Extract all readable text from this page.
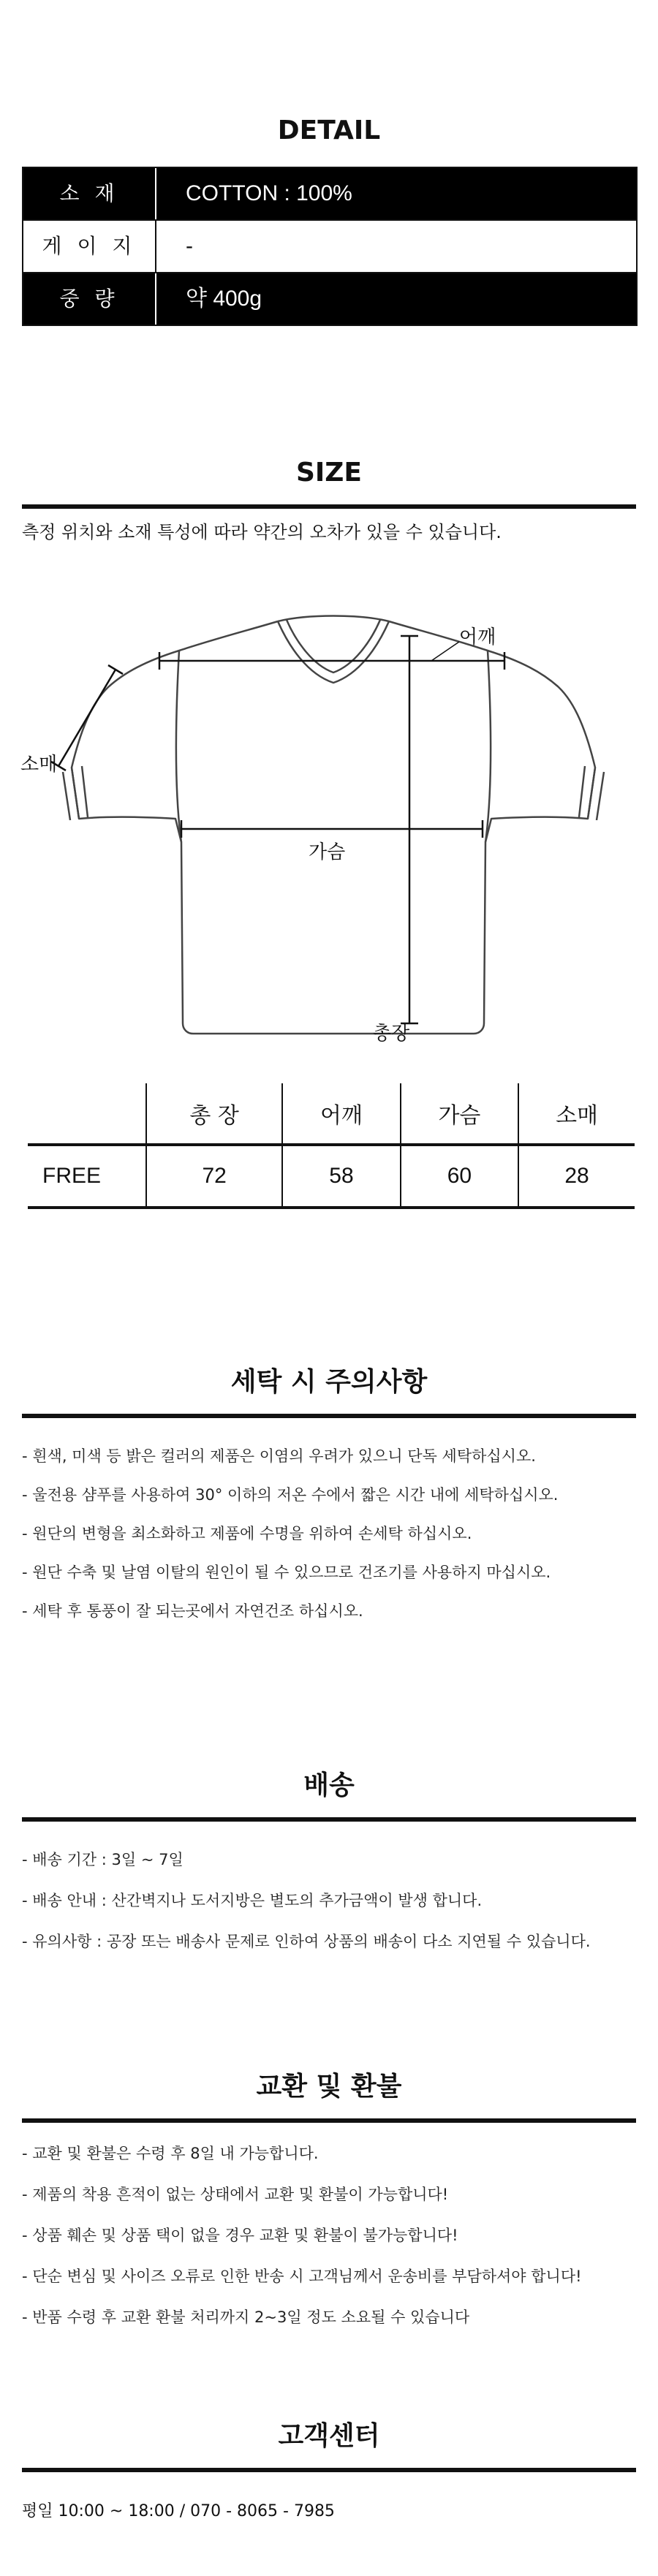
DETAIL
소 재	COTTON : 100%
게 이 지	-
중 량	약 400g
SIZE
측정 위치와 소재 특성에 따라 약간의 오차가 있을 수 있습니다.
어깨
소매
가슴
총장
	총 장	어깨	가슴	소매
FREE	72	58	60	28
세탁 시 주의사항
- 흰색, 미색 등 밝은 컬러의 제품은 이염의 우려가 있으니 단독 세탁하십시오.
- 울전용 샴푸를 사용하여 30° 이하의 저온 수에서 짧은 시간 내에 세탁하십시오.
- 원단의 변형을 최소화하고 제품에 수명을 위하여 손세탁 하십시오.
- 원단 수축 및 날염 이탈의 원인이 될 수 있으므로 건조기를 사용하지 마십시오.
- 세탁 후 통풍이 잘 되는곳에서 자연건조 하십시오.
배송
- 배송 기간 : 3일 ~ 7일
- 배송 안내 : 산간벽지나 도서지방은 별도의 추가금액이 발생 합니다.
- 유의사항 : 공장 또는 배송사 문제로 인하여 상품의 배송이 다소 지연될 수 있습니다.
교환 및 환불
- 교환 및 환불은 수령 후 8일 내 가능합니다.
- 제품의 착용 흔적이 없는 상태에서 교환 및 환불이 가능합니다!
- 상품 훼손 및 상품 택이 없을 경우 교환 및 환불이 불가능합니다!
- 단순 변심 및 사이즈 오류로 인한 반송 시 고객님께서 운송비를 부담하셔야 합니다!
- 반품 수령 후 교환 환불 처리까지 2~3일 정도 소요될 수 있습니다
고객센터
평일 10:00 ~ 18:00 / 070 - 8065 - 7985
